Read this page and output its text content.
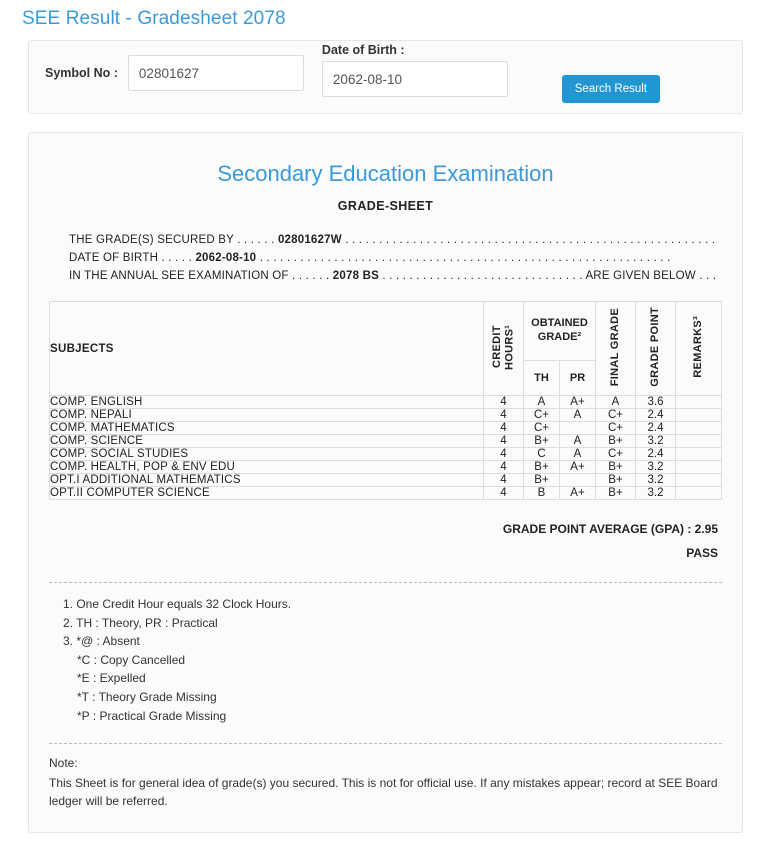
SEE Result - Gradesheet 2078
Symbol No :
02801627
Date of Birth :
2062-08-10
Search Result
Secondary Education Examination
GRADE-SHEET
THE GRADE(S) SECURED BY . . . . . . 02801627W . . . . . . . . . . . . . . . . . . . . . . . . . . . . . . . . . . . . . . . . . . . . . . . . . . . . . . .
DATE OF BIRTH . . . . . 2062-08-10 . . . . . . . . . . . . . . . . . . . . . . . . . . . . . . . . . . . . . . . . . . . . . . . . . . . . . . . . . . . . .
IN THE ANNUAL SEE EXAMINATION OF . . . . . . 2078 BS . . . . . . . . . . . . . . . . . . . . . . . . . . . . . . ARE GIVEN BELOW . . .
SUBJECTS	CREDIT HOURS¹	OBTAINED GRADE²		FINAL GRADE	GRADE POINT	REMARKS³
		TH	PR			
COMP. ENGLISH	4	A	A+	A	3.6	
COMP. NEPALI	4	C+	A	C+	2.4	
COMP. MATHEMATICS	4	C+		C+	2.4	
COMP. SCIENCE	4	B+	A	B+	3.2	
COMP. SOCIAL STUDIES	4	C	A	C+	2.4	
COMP. HEALTH, POP & ENV EDU	4	B+	A+	B+	3.2	
OPT.I ADDITIONAL MATHEMATICS	4	B+		B+	3.2	
OPT.II COMPUTER SCIENCE	4	B	A+	B+	3.2	
GRADE POINT AVERAGE (GPA) : 2.95
PASS
1. One Credit Hour equals 32 Clock Hours.
2. TH : Theory, PR : Practical
3. *@ : Absent
*C : Copy Cancelled
*E : Expelled
*T : Theory Grade Missing
*P : Practical Grade Missing
Note:
This Sheet is for general idea of grade(s) you secured. This is not for official use. If any mistakes appear; record at SEE Board ledger will be referred.
